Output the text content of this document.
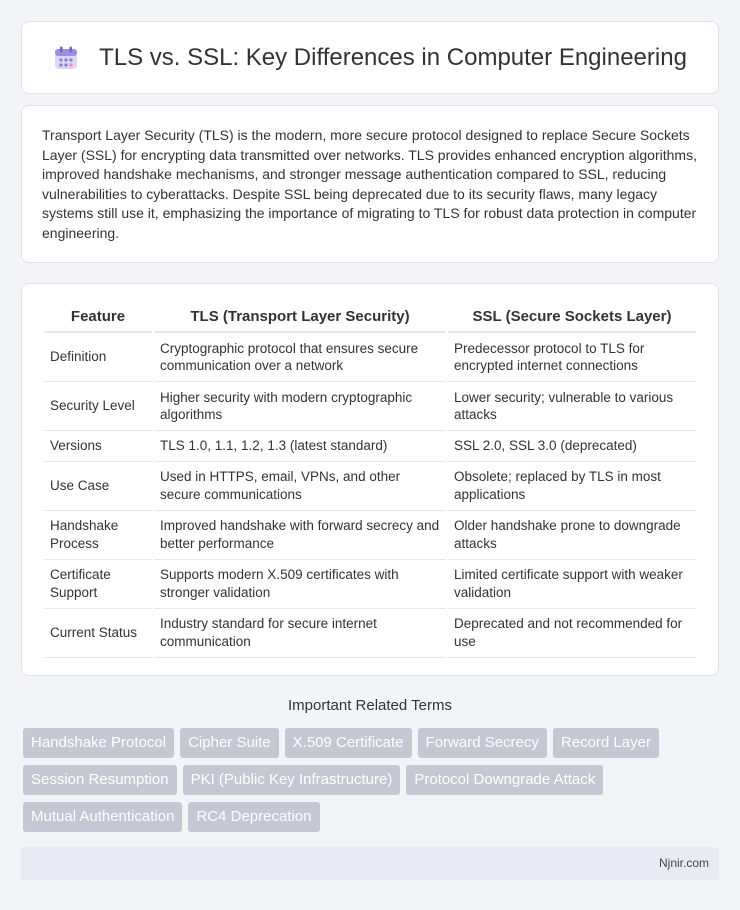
TLS vs. SSL: Key Differences in Computer Engineering

Transport Layer Security (TLS) is the modern, more secure protocol designed to replace Secure Sockets Layer (SSL) for encrypting data transmitted over networks. TLS provides enhanced encryption algorithms, improved handshake mechanisms, and stronger message authentication compared to SSL, reducing vulnerabilities to cyberattacks. Despite SSL being deprecated due to its security flaws, many legacy systems still use it, emphasizing the importance of migrating to TLS for robust data protection in computer engineering.

Feature	TLS (Transport Layer Security)	SSL (Secure Sockets Layer)
Definition	Cryptographic protocol that ensures secure communication over a network	Predecessor protocol to TLS for encrypted internet connections
Security Level	Higher security with modern cryptographic algorithms	Lower security; vulnerable to various attacks
Versions	TLS 1.0, 1.1, 1.2, 1.3 (latest standard)	SSL 2.0, SSL 3.0 (deprecated)
Use Case	Used in HTTPS, email, VPNs, and other secure communications	Obsolete; replaced by TLS in most applications
Handshake Process	Improved handshake with forward secrecy and better performance	Older handshake prone to downgrade attacks
Certificate Support	Supports modern X.509 certificates with stronger validation	Limited certificate support with weaker validation
Current Status	Industry standard for secure internet communication	Deprecated and not recommended for use
Important Related Terms
Handshake Protocol Cipher Suite X.509 Certificate Forward Secrecy Record Layer
Session Resumption PKI (Public Key Infrastructure) Protocol Downgrade Attack
Mutual Authentication RC4 Deprecation
Njnir.com
